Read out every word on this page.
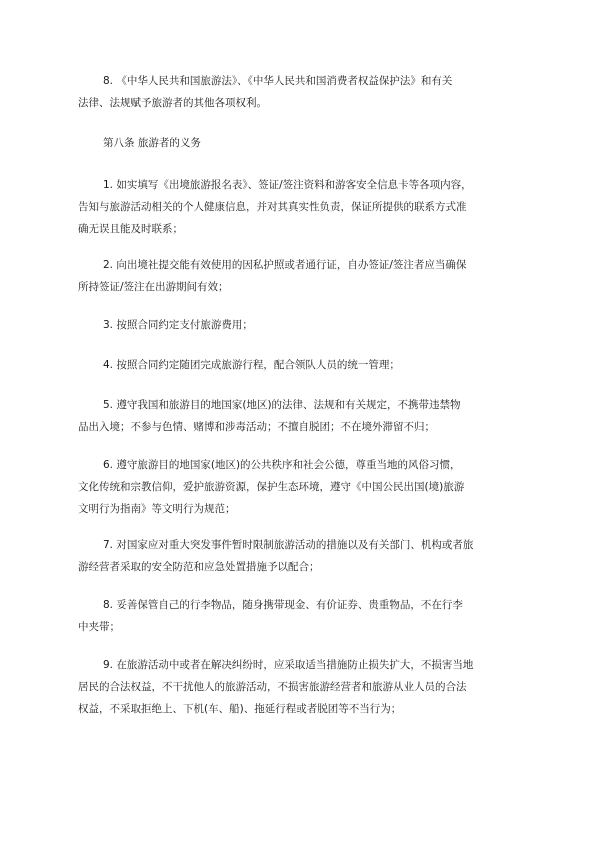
8. 《中华人民共和国旅游法》、《中华人民共和国消费者权益保护法》和有关
法律、法规赋予旅游者的其他各项权利。

第八条 旅游者的义务

1. 如实填写《出境旅游报名表》、签证/签注资料和游客安全信息卡等各项内容，
告知与旅游活动相关的个人健康信息，并对其真实性负责，保证所提供的联系方式准
确无误且能及时联系；
2. 向出境社提交能有效使用的因私护照或者通行证，自办签证/签注者应当确保
所持签证/签注在出游期间有效；
3. 按照合同约定支付旅游费用；
4. 按照合同约定随团完成旅游行程，配合领队人员的统一管理；
5. 遵守我国和旅游目的地国家(地区)的法律、法规和有关规定，不携带违禁物
品出入境；不参与色情、赌博和涉毒活动；不擅自脱团；不在境外滞留不归；
6. 遵守旅游目的地国家(地区)的公共秩序和社会公德，尊重当地的风俗习惯，
文化传统和宗教信仰，爱护旅游资源，保护生态环境，遵守《中国公民出国(境)旅游
文明行为指南》等文明行为规范；
7. 对国家应对重大突发事件暂时限制旅游活动的措施以及有关部门、机构或者旅
游经营者采取的安全防范和应急处置措施予以配合；
8. 妥善保管自己的行李物品，随身携带现金、有价证券、贵重物品，不在行李
中夹带；
9. 在旅游活动中或者在解决纠纷时，应采取适当措施防止损失扩大，不损害当地
居民的合法权益，不干扰他人的旅游活动，不损害旅游经营者和旅游从业人员的合法
权益，不采取拒绝上、下机(车、船)、拖延行程或者脱团等不当行为；
